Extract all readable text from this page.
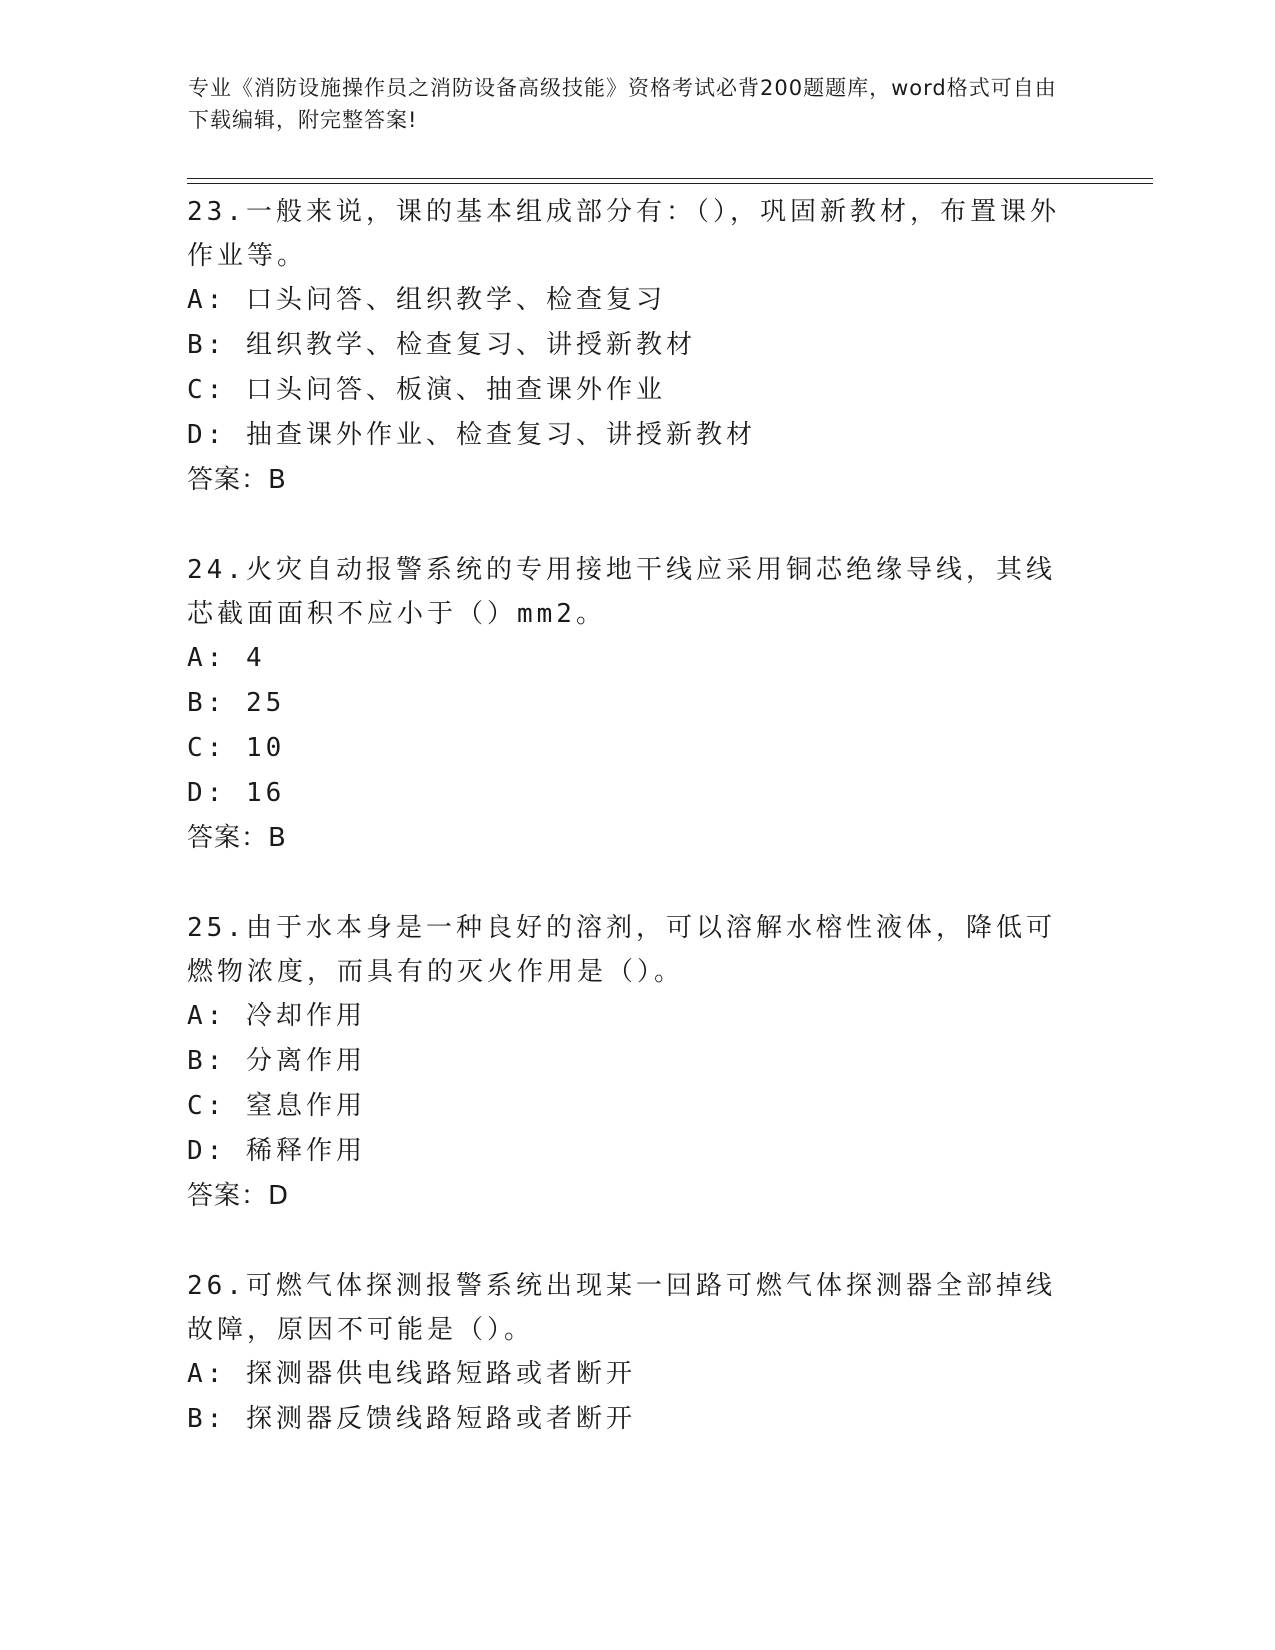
专业《消防设施操作员之消防设备高级技能》资格考试必背200题题库，word格式可自由下载编辑，附完整答案!

23.一般来说，课的基本组成部分有：（），巩固新教材，布置课外作业等。

A: 口头问答、组织教学、检查复习

B: 组织教学、检查复习、讲授新教材

C: 口头问答、板演、抽查课外作业

D: 抽查课外作业、检查复习、讲授新教材

答案：B

24.火灾自动报警系统的专用接地干线应采用铜芯绝缘导线，其线芯截面面积不应小于（）mm2。

A: 4

B: 25

C: 10

D: 16

答案：B

25.由于水本身是一种良好的溶剂，可以溶解水榕性液体，降低可燃物浓度，而具有的灭火作用是（）。

A: 冷却作用

B: 分离作用

C: 窒息作用

D: 稀释作用

答案：D

26.可燃气体探测报警系统出现某一回路可燃气体探测器全部掉线故障，原因不可能是（）。

A: 探测器供电线路短路或者断开

B: 探测器反馈线路短路或者断开
